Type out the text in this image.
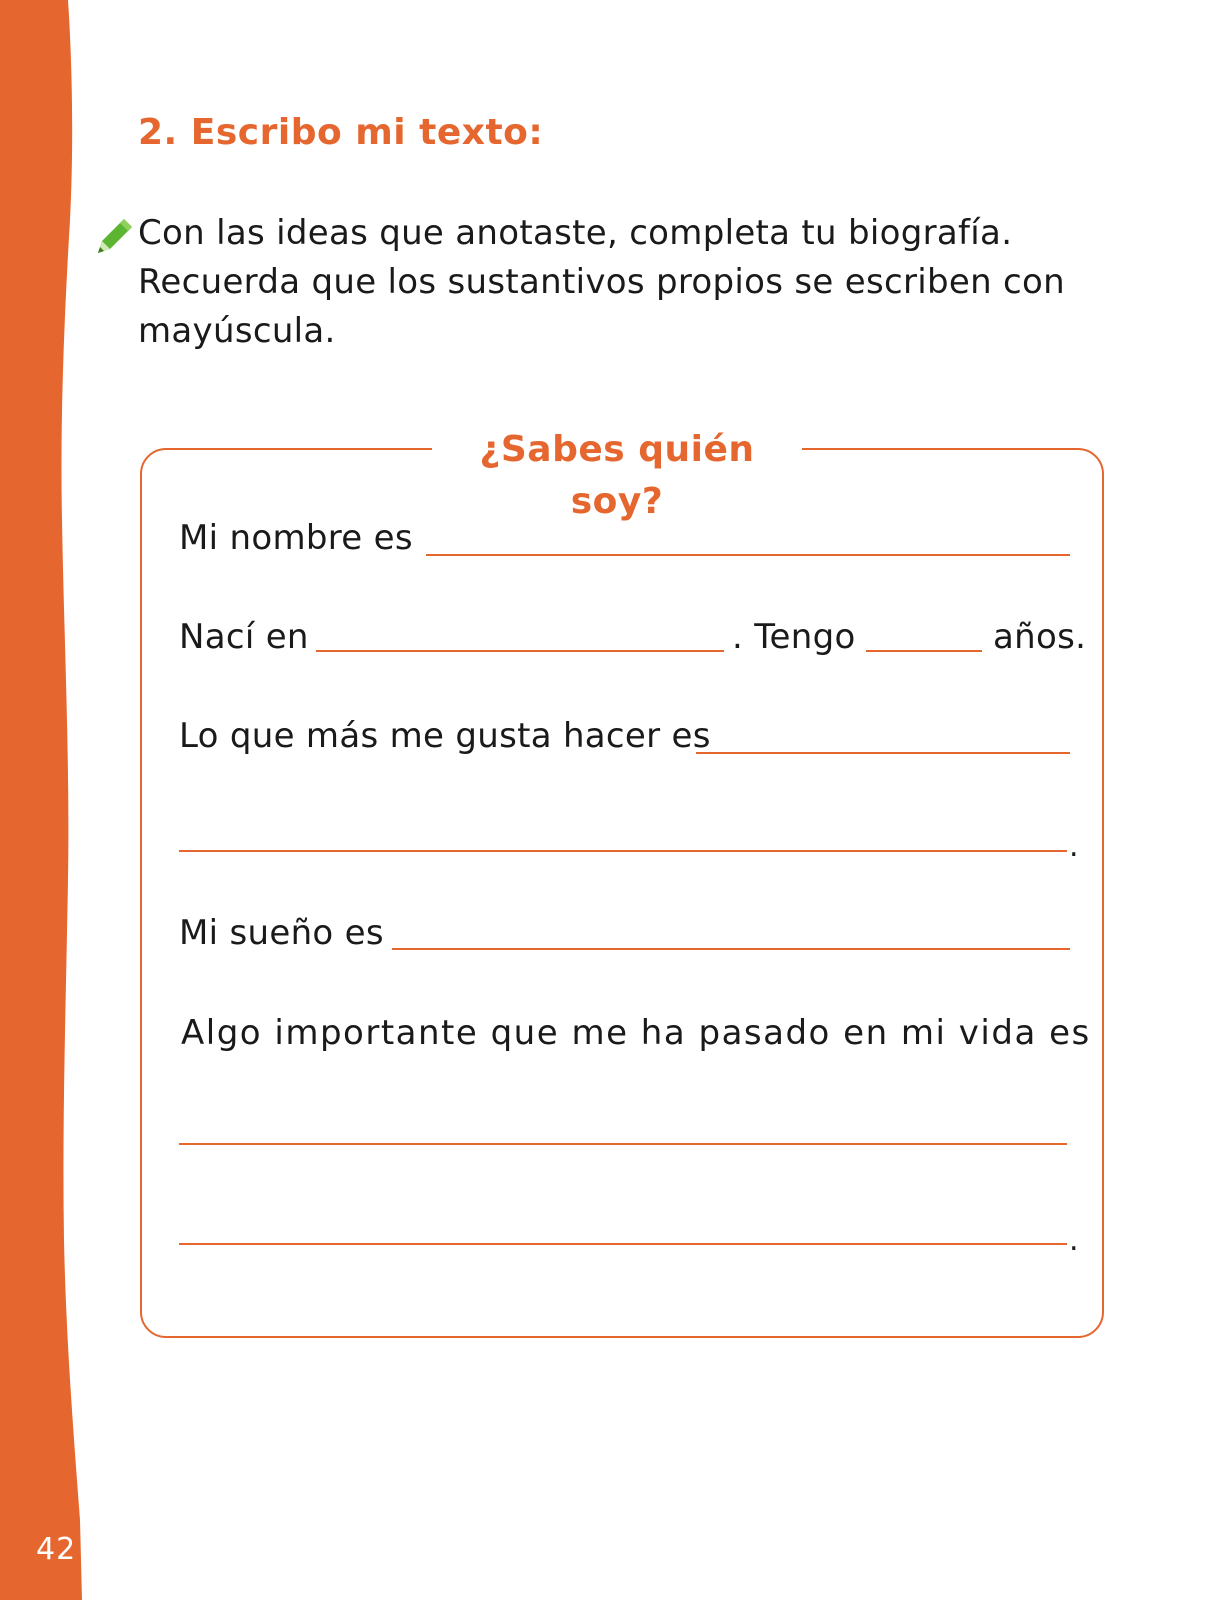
42
2. Escribo mi texto:
Con las ideas que anotaste, completa tu biografía.
Recuerda que los sustantivos propios se escriben con
mayúscula.
¿Sabes quién soy?
Mi nombre es
Nací en	. Tengo	años.
Lo que más me gusta hacer es
.
Mi sueño es
Algo importante que me ha pasado en mi vida es
.
